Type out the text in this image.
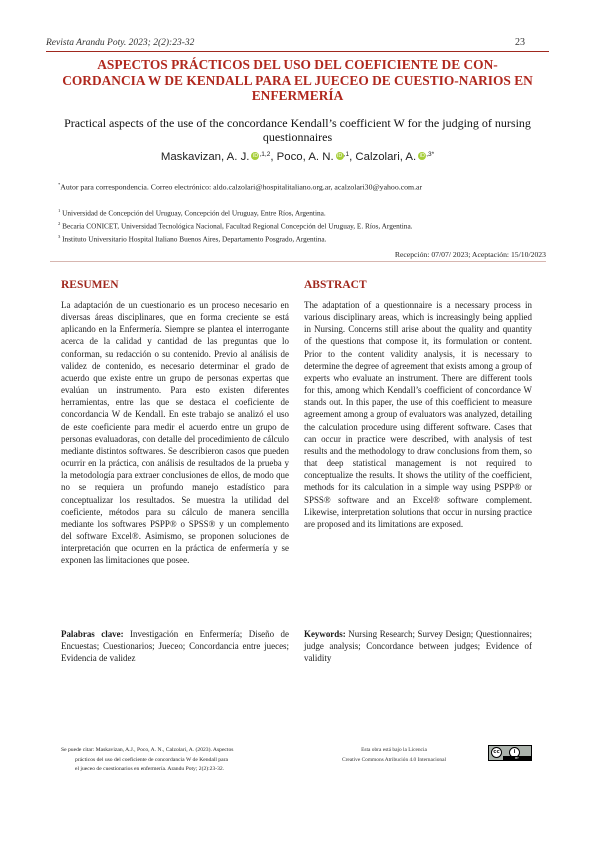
Revista Arandu Poty. 2023; 2(2):23-32	23
ASPECTOS PRÁCTICOS DEL USO DEL COEFICIENTE DE CON-CORDANCIA W DE KENDALL PARA EL JUECEO DE CUESTIO-NARIOS EN ENFERMERÍA
Practical aspects of the use of the concordance Kendall’s coefficient W for the judging of nursing questionnaires
Maskavizan, A. J. $iD^{,1,2}$, Poco, A. N. $iD^{,1}$, Calzolari, A. $iD^{,3*}$
*Autor para correspondencia. Correo electrónico: aldo.calzolari@hospitalitaliano.org.ar, acalzolari30@yahoo.com.ar
$^1$ Universidad de Concepción del Uruguay, Concepción del Uruguay, Entre Ríos, Argentina.
$^2$ Becaria CONICET, Universidad Tecnológica Nacional, Facultad Regional Concepción del Uruguay, E. Ríos, Argentina.
$^3$ Instituto Universitario Hospital Italiano Buenos Aires, Departamento Posgrado, Argentina.
Recepción: 07/07/ 2023; Aceptación: 15/10/2023
RESUMEN	ABSTRACT
La adaptación de un cuestionario es un proceso necesario en diversas áreas disciplinares, que en forma creciente se está aplicando en la Enfermería. Siempre se plantea el interrogante acerca de la calidad y cantidad de las preguntas que lo conforman, su redacción o su contenido. Previo al análisis de validez de contenido, es necesario determinar el grado de acuerdo que existe entre un grupo de personas expertas que evalúan un instrumento. Para esto existen diferentes herramientas, entre las que se destaca el coeficiente de concordancia W de Kendall. En este trabajo se analizó el uso de este coeficiente para medir el acuerdo entre un grupo de personas evaluadoras, con detalle del procedimiento de cálculo mediante distintos softwares. Se describieron casos que pueden ocurrir en la práctica, con análisis de resultados de la prueba y la metodología para extraer conclusiones de ellos, de modo que no se requiera un profundo manejo estadístico para conceptualizar los resultados. Se muestra la utilidad del coeficiente, métodos para su cálculo de manera sencilla mediante los softwares PSPP® o SPSS® y un complemento del software Excel®. Asimismo, se proponen soluciones de interpretación que ocurren en la práctica de enfermería y se exponen las limitaciones que posee.
The adaptation of a questionnaire is a necessary process in various disciplinary areas, which is increasingly being applied in Nursing. Concerns still arise about the quality and quantity of the questions that compose it, its formulation or content. Prior to the content validity analysis, it is necessary to determine the degree of agreement that exists among a group of experts who evaluate an instrument. There are different tools for this, among which Kendall’s coefficient of concordance W stands out. In this paper, the use of this coefficient to measure agreement among a group of evaluators was analyzed, detailing the calculation procedure using different software. Cases that can occur in practice were described, with analysis of test results and the methodology to draw conclusions from them, so that deep statistical management is not required to conceptualize the results. It shows the utility of the coefficient, methods for its calculation in a simple way using PSPP® or SPSS® software and an Excel® software complement. Likewise, interpretation solutions that occur in nursing practice are proposed and its limitations are exposed.
Palabras clave: Investigación en Enfermería; Diseño de Encuestas; Cuestionarios; Jueceo; Concordancia entre jueces; Evidencia de validez
Keywords: Nursing Research; Survey Design; Questionnaires; judge analysis; Concordance between judges; Evidence of validity
Se puede citar: Maskavizan, A.J., Poco, A. N., Calzolari, A. (2023). Aspectos
prácticos del uso del coeficiente de concordancia W de Kendall para
el jueceo de cuestionarios en enfermería. Arandu Poty; 2(2):23-32.
Esta obra está bajo la Licencia
Creative Commons Atribución 4.0 Internacional
cc	i
BY
